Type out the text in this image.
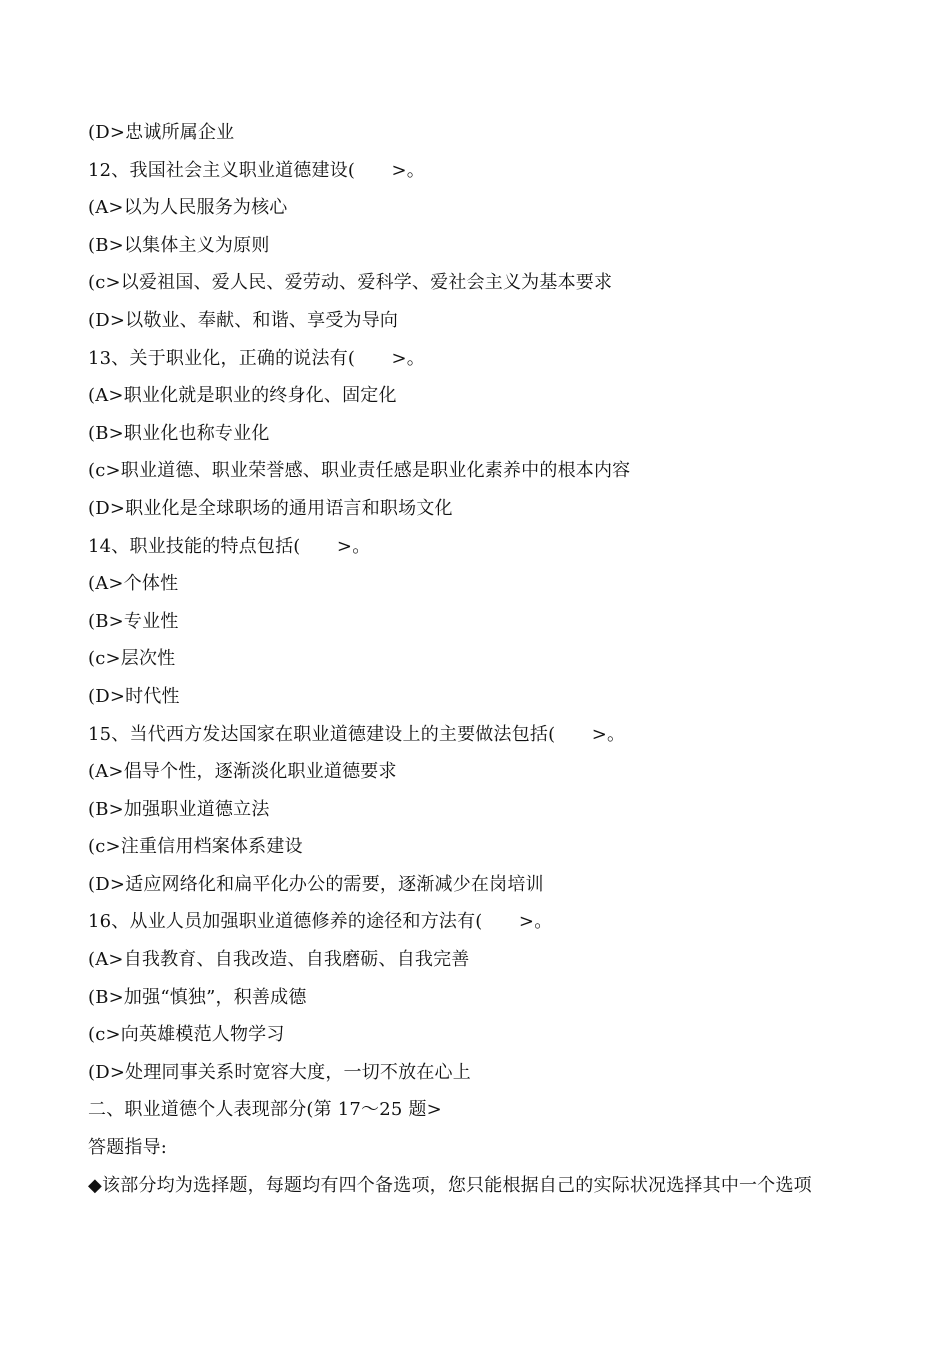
(D>忠诚所属企业
12、我国社会主义职业道德建设(　　>。
(A>以为人民服务为核心
(B>以集体主义为原则
(c>以爱祖国、爱人民、爱劳动、爱科学、爱社会主义为基本要求
(D>以敬业、奉献、和谐、享受为导向
13、关于职业化，正确的说法有(　　>。
(A>职业化就是职业的终身化、固定化
(B>职业化也称专业化
(c>职业道德、职业荣誉感、职业责任感是职业化素养中的根本内容
(D>职业化是全球职场的通用语言和职场文化
14、职业技能的特点包括(　　>。
(A>个体性
(B>专业性
(c>层次性
(D>时代性
15、当代西方发达国家在职业道德建设上的主要做法包括(　　>。
(A>倡导个性，逐渐淡化职业道德要求
(B>加强职业道德立法
(c>注重信用档案体系建设
(D>适应网络化和扁平化办公的需要，逐渐减少在岗培训
16、从业人员加强职业道德修养的途径和方法有(　　>。
(A>自我教育、自我改造、自我磨砺、自我完善
(B>加强“慎独”，积善成德
(c>向英雄模范人物学习
(D>处理同事关系时宽容大度，一切不放在心上
二、职业道德个人表现部分(第 17～25 题>
答题指导:
◆该部分均为选择题，每题均有四个备选项，您只能根据自己的实际状况选择其中一个选项
